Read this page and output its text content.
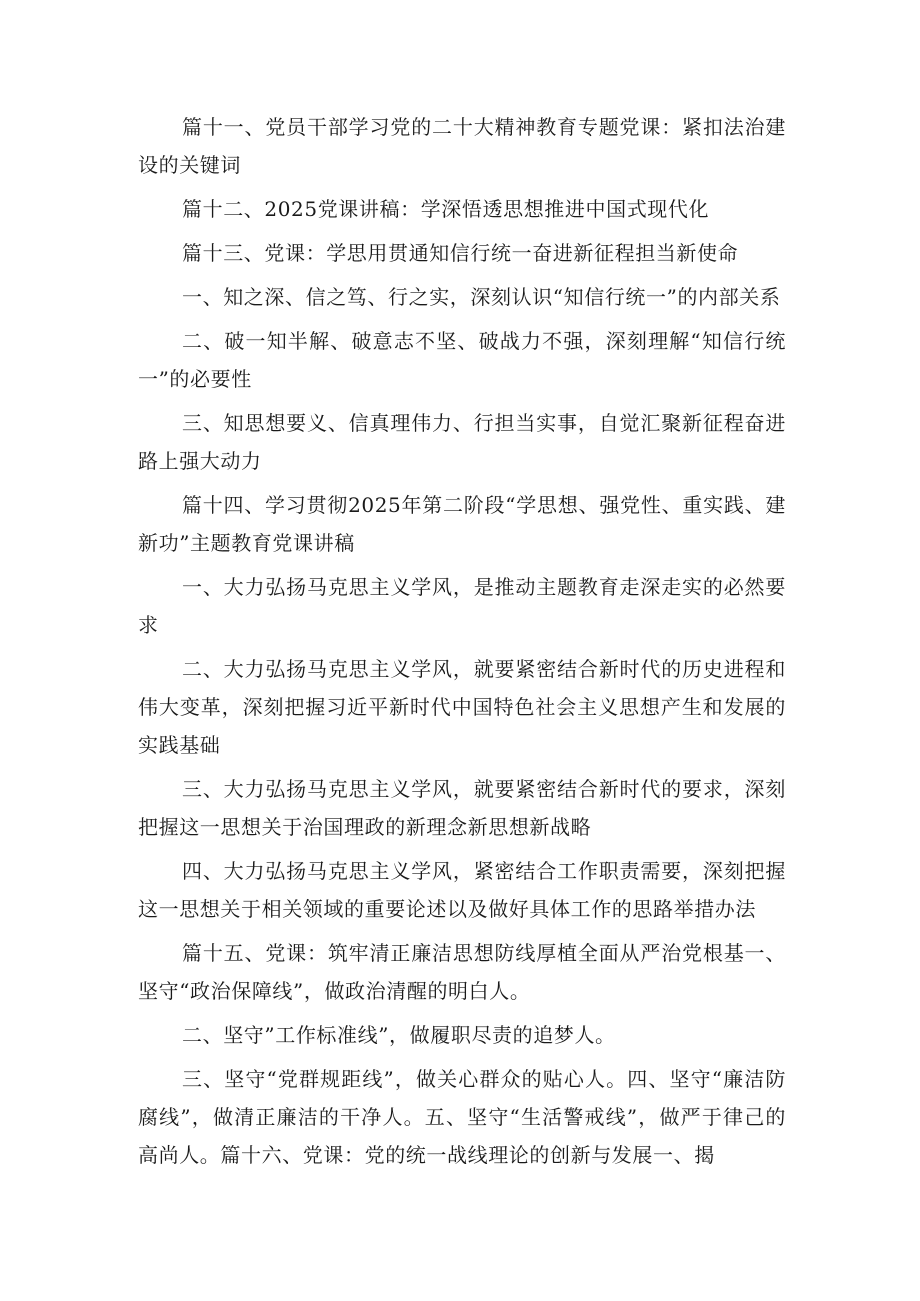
篇十一、党员干部学习党的二十大精神教育专题党课：紧扣法治建设的关键词

篇十二、2025党课讲稿：学深悟透思想推进中国式现代化

篇十三、党课：学思用贯通知信行统一奋进新征程担当新使命

一、知之深、信之笃、行之实，深刻认识“知信行统一”的内部关系

二、破一知半解、破意志不坚、破战力不强，深刻理解“知信行统一”的必要性

三、知思想要义、信真理伟力、行担当实事，自觉汇聚新征程奋进路上强大动力

篇十四、学习贯彻2025年第二阶段“学思想、强党性、重实践、建新功”主题教育党课讲稿

一、大力弘扬马克思主义学风，是推动主题教育走深走实的必然要求

二、大力弘扬马克思主义学风，就要紧密结合新时代的历史进程和伟大变革，深刻把握习近平新时代中国特色社会主义思想产生和发展的实践基础

三、大力弘扬马克思主义学风，就要紧密结合新时代的要求，深刻把握这一思想关于治国理政的新理念新思想新战略

四、大力弘扬马克思主义学风，紧密结合工作职责需要，深刻把握这一思想关于相关领域的重要论述以及做好具体工作的思路举措办法

篇十五、党课：筑牢清正廉洁思想防线厚植全面从严治党根基一、坚守“政治保障线”，做政治清醒的明白人。

二、坚守”工作标准线”，做履职尽责的追梦人。

三、坚守“党群规距线”，做关心群众的贴心人。四、坚守“廉洁防腐线”，做清正廉洁的干净人。五、坚守“生活警戒线”，做严于律己的高尚人。篇十六、党课：党的统一战线理论的创新与发展一、揭
